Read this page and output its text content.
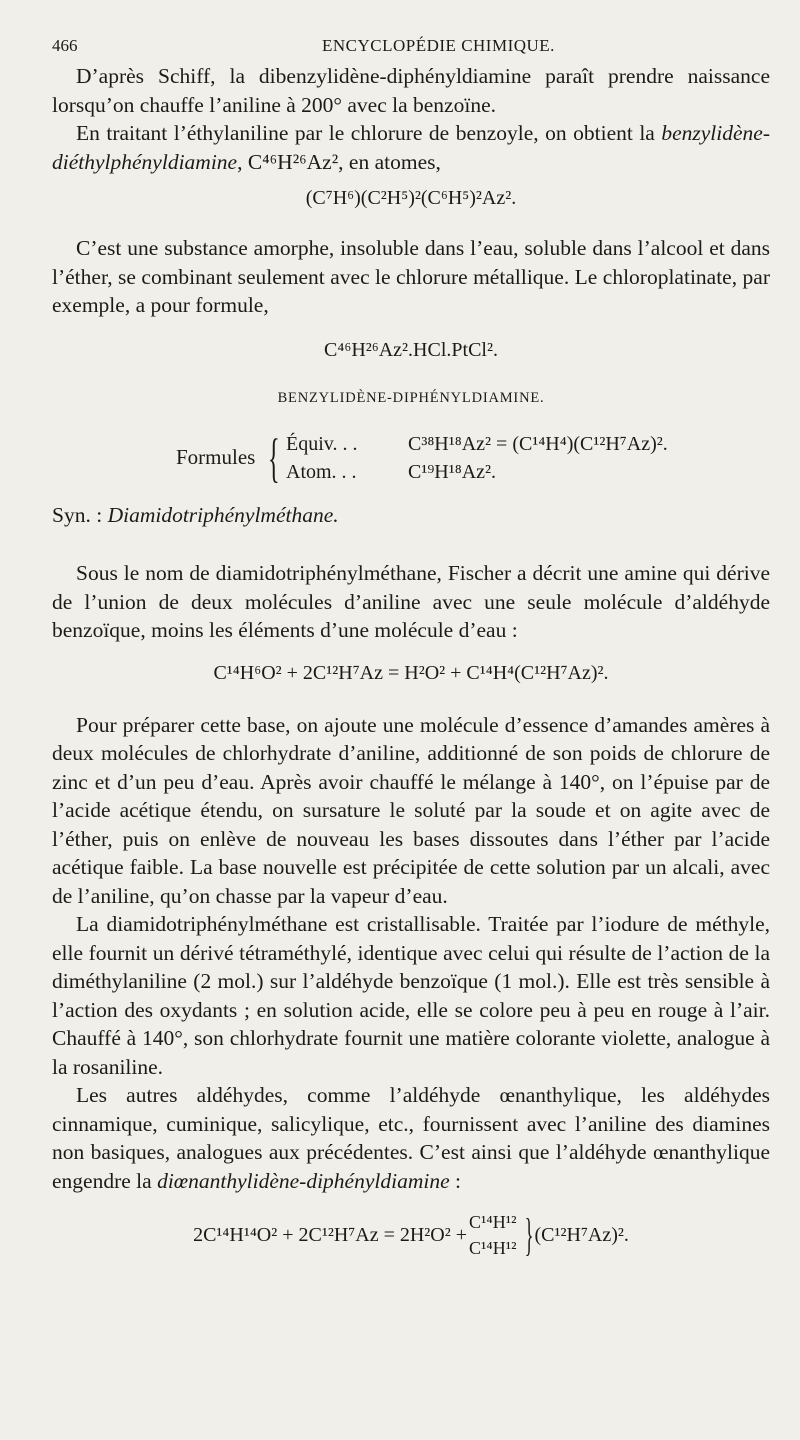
466	ENCYCLOPÉDIE CHIMIQUE.

D’après Schiff, la dibenzylidène-diphényldiamine paraît prendre naissance lorsqu’on chauffe l’aniline à 200° avec la benzoïne.

En traitant l’éthylaniline par le chlorure de benzoyle, on obtient la benzylidène-diéthylphényldiamine, C⁴⁶H²⁶Az², en atomes,

(C⁷H⁶)(C²H⁵)²(C⁶H⁵)²Az².

C’est une substance amorphe, insoluble dans l’eau, soluble dans l’alcool et dans l’éther, se combinant seulement avec le chlorure métallique. Le chloroplatinate, par exemple, a pour formule,

C⁴⁶H²⁶Az².HCl.PtCl².
BENZYLIDÈNE-DIPHÉNYLDIAMINE.
Formules { Équiv. . .	C³⁸H¹⁸Az² = (C¹⁴H⁴)(C¹²H⁷Az)².
Atom. . .	C¹⁹H¹⁸Az².

Syn. : Diamidotriphénylméthane.

Sous le nom de diamidotriphénylméthane, Fischer a décrit une amine qui dérive de l’union de deux molécules d’aniline avec une seule molécule d’aldéhyde benzoïque, moins les éléments d’une molécule d’eau :

C¹⁴H⁶O² + 2C¹²H⁷Az = H²O² + C¹⁴H⁴(C¹²H⁷Az)².

Pour préparer cette base, on ajoute une molécule d’essence d’amandes amères à deux molécules de chlorhydrate d’aniline, additionné de son poids de chlorure de zinc et d’un peu d’eau. Après avoir chauffé le mélange à 140°, on l’épuise par de l’acide acétique étendu, on sursature le soluté par la soude et on agite avec de l’éther, puis on enlève de nouveau les bases dissoutes dans l’éther par l’acide acétique faible. La base nouvelle est précipitée de cette solution par un alcali, avec de l’aniline, qu’on chasse par la vapeur d’eau.

La diamidotriphénylméthane est cristallisable. Traitée par l’iodure de méthyle, elle fournit un dérivé tétraméthylé, identique avec celui qui résulte de l’action de la diméthylaniline (2 mol.) sur l’aldéhyde benzoïque (1 mol.). Elle est très sensible à l’action des oxydants ; en solution acide, elle se colore peu à peu en rouge à l’air. Chauffé à 140°, son chlorhydrate fournit une matière colorante violette, analogue à la rosaniline.

Les autres aldéhydes, comme l’aldéhyde œnanthylique, les aldéhydes cinnamique, cuminique, salicylique, etc., fournissent avec l’aniline des diamines non basiques, analogues aux précédentes. C’est ainsi que l’aldéhyde œnanthylique engendre la diœnanthylidène-diphényldiamine :

2C¹⁴H¹⁴O² + 2C¹²H⁷Az = 2H²O² +
C¹⁴H¹²
C¹⁴H¹² } (C¹²H⁷Az)².
